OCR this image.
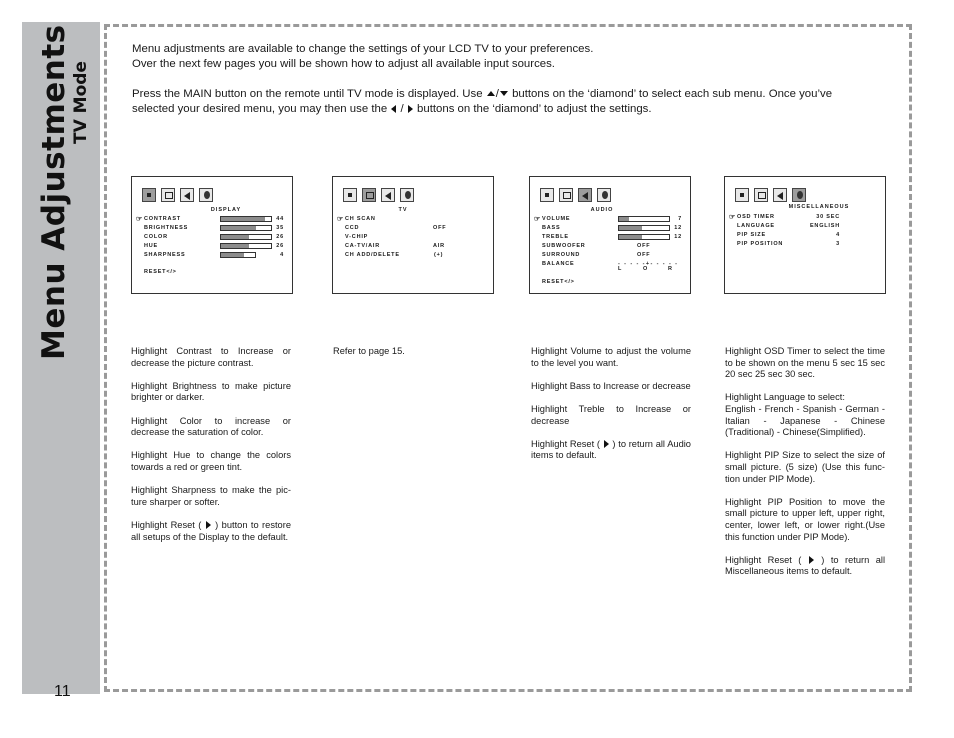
Menu Adjustments TV Mode
11

Menu adjustments are available to change the settings of your LCD TV to your preferences.

Over the next few pages you will be shown how to adjust all available input sources.

Press the MAIN button on the remote until TV mode is displayed. Use / buttons on the ‘diamond’ to select each sub menu. Once you’ve
selected your desired menu, you may then use the / buttons on the ‘diamond’ to adjust the settings.

DISPLAY
☞ CONTRAST	44
BRIGHTNESS	35
COLOR	26
HUE	26
SHARPNESS	4
RESET</>
TV
☞ CH SCAN
CCD	OFF
V-CHIP
CA-TV/AIR	AIR
CH ADD/DELETE	(+)
AUDIO
☞ VOLUME	7
BASS	12
TREBLE	12
SUBWOOFER	OFF
SURROUND	OFF
BALANCE	- - - - -+- - - - -
L	O	R
RESET</>
MISCELLANEOUS
☞ OSD TIMER	30 SEC
LANGUAGE	ENGLISH
PIP SIZE	4
PIP POSITION	3

Highlight Contrast to Increase or decrease the picture contrast.

Highlight Brightness to make picture brighter or darker.

Highlight Color to increase or decrease the saturation of color.

Highlight Hue to change the colors towards a red or green tint.

Highlight Sharpness to make the pic-ture sharper or softer.

Highlight Reset ( ) button to restore all setups of the Display to the default.

Refer to page 15.	Highlight Volume to adjust the volume to the level you want.

Highlight Bass to Increase or decrease

Highlight Treble to Increase or decrease

Highlight Reset ( ) to return all Audio items to default.

Highlight OSD Timer to select the time to be shown on the menu 5 sec 15 sec 20 sec 25 sec 30 sec.

Highlight Language to select:

English - French - Spanish - German - Italian - Japanese - Chinese (Traditional) - Chinese(Simplified).

Highlight PIP Size to select the size of small picture. (5 size) (Use this func-tion under PIP Mode).

Highlight PIP Position to move the small picture to upper left, upper right, center, lower left, or lower right.(Use this function under PIP Mode).

Highlight Reset ( ) to return all Miscellaneous items to default.
